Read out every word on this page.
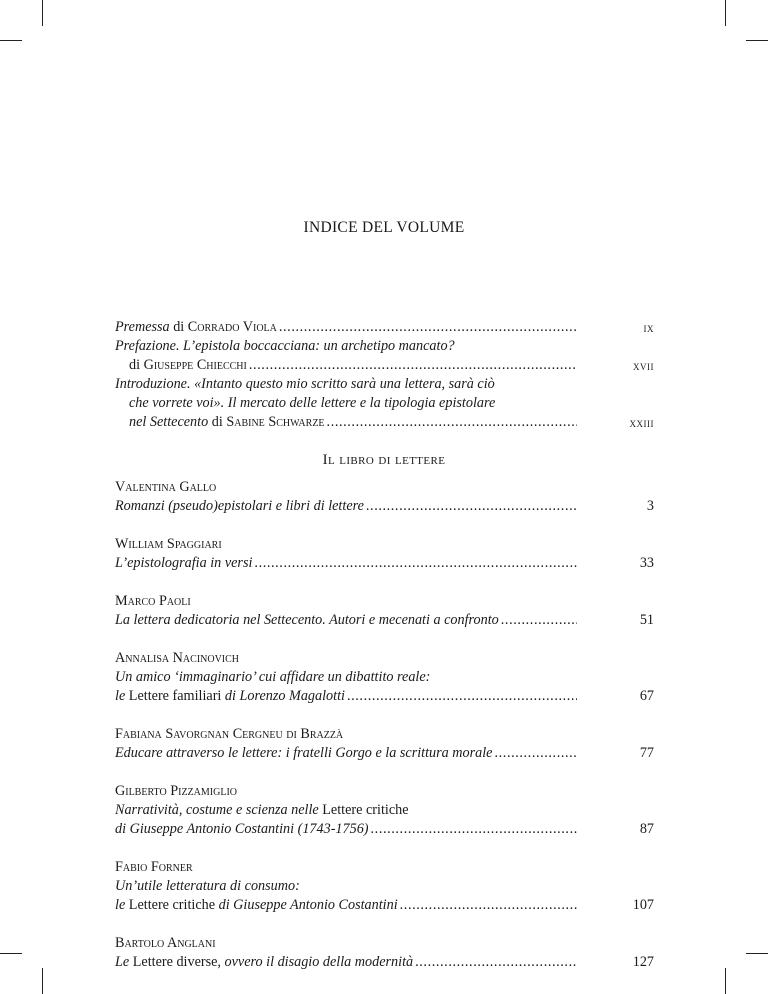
INDICE DEL VOLUME
Premessa di Corrado Viola .....	ix
Prefazione. L’epistola boccacciana: un archetipo mancato?
di Giuseppe Chiecchi .....	xvii
Introduzione. «Intanto questo mio scritto sarà una lettera, sarà ciò
che vorrete voi». Il mercato delle lettere e la tipologia epistolare
nel Settecento di Sabine Schwarze .....	xxiii
Il libro di lettere
Valentina Gallo
Romanzi (pseudo)epistolari e libri di lettere .....	3
William Spaggiari
L’epistolografia in versi .....	33
Marco Paoli
La lettera dedicatoria nel Settecento. Autori e mecenati a confronto .....	51
Annalisa Nacinovich
Un amico ‘immaginario’ cui affidare un dibattito reale:
le Lettere familiari di Lorenzo Magalotti .....	67
Fabiana Savorgnan Cergneu di Brazzà
Educare attraverso le lettere: i fratelli Gorgo e la scrittura morale .....	77
Gilberto Pizzamiglio
Narratività, costume e scienza nelle Lettere critiche
di Giuseppe Antonio Costantini (1743-1756) .....	87
Fabio Forner
Un’utile letteratura di consumo:
le Lettere critiche di Giuseppe Antonio Costantini .....	107
Bartolo Anglani
Le Lettere diverse, ovvero il disagio della modernità .....	127
